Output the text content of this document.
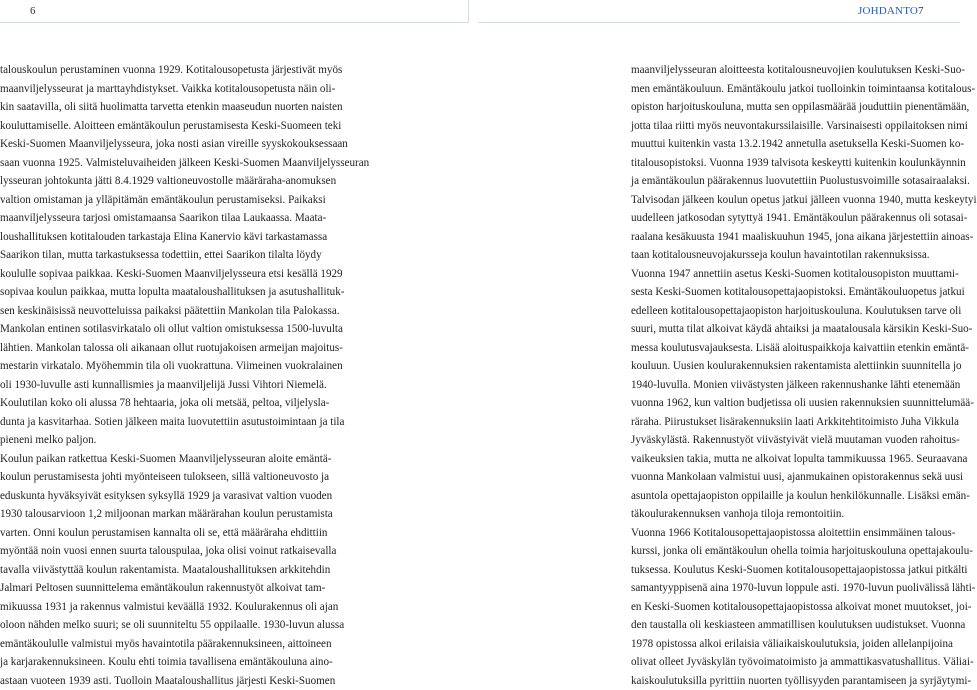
6	JOHDANTO 7
talouskoulun perustaminen vuonna 1929. Kotitalousopetusta järjestivät myös
maanviljelysseurat ja marttayhdistykset. Vaikka kotitalousopetusta näin oli-
kin saatavilla, oli siitä huolimatta tarvetta etenkin maaseudun nuorten naisten
kouluttamiselle. Aloitteen emäntäkoulun perustamisesta Keski-Suomeen teki
Keski-Suomen Maanviljelysseura, joka nosti asian vireille syyskokouksessaan
saan vuonna 1925. Valmisteluvaiheiden jälkeen Keski-Suomen Maanviljelysseuran
lysseuran johtokunta jätti 8.4.1929 valtioneuvostolle määräraha-anomuksen
valtion omistaman ja ylläpitämän emäntäkoulun perustamiseksi. Paikaksi
maanviljelysseura tarjosi omistamaansa Saarikon tilaa Laukaassa. Maata-
loushallituksen kotitalouden tarkastaja Elina Kanervio kävi tarkastamassa
Saarikon tilan, mutta tarkastuksessa todettiin, ettei Saarikon tilalta löydy
koululle sopivaa paikkaa. Keski-Suomen Maanviljelysseura etsi kesällä 1929
sopivaa koulun paikkaa, mutta lopulta maataloushallituksen ja asutushallituk-
sen keskinäisissä neuvotteluissa paikaksi päätettiin Mankolan tila Palokassa.
Mankolan entinen sotilasvirkatalo oli ollut valtion omistuksessa 1500-luvulta
lähtien. Mankolan talossa oli aikanaan ollut ruotujakoisen armeijan majoitus-
mestarin virkatalo. Myöhemmin tila oli vuokrattuna. Viimeinen vuokralainen
oli 1930-luvulle asti kunnallismies ja maanviljelijä Jussi Vihtori Niemelä.
Koulutilan koko oli alussa 78 hehtaaria, joka oli metsää, peltoa, viljelysla-
dunta ja kasvitarhaa. Sotien jälkeen maita luovutettiin asutustoimintaan ja tila
pieneni melko paljon.
Koulun paikan ratkettua Keski-Suomen Maanviljelysseuran aloite emäntä-
koulun perustamisesta johti myönteiseen tulokseen, sillä valtioneuvosto ja
eduskunta hyväksyivät esityksen syksyllä 1929 ja varasivat valtion vuoden
1930 talousarvioon 1,2 miljoonan markan määrärahan koulun perustamista
varten. Onni koulun perustamisen kannalta oli se, että määräraha ehdittiin
myöntää noin vuosi ennen suurta talouspulaa, joka olisi voinut ratkaisevalla
tavalla viivästyttää koulun rakentamista. Maataloushallituksen arkkitehdin
Jalmari Peltosen suunnittelema emäntäkoulun rakennustyöt alkoivat tam-
mikuussa 1931 ja rakennus valmistui keväällä 1932. Koulurakennus oli ajan
oloon nähden melko suuri; se oli suunniteltu 55 oppilaalle. 1930-luvun alussa
emäntäkoululle valmistui myös havaintotila päärakennuksineen, aittoineen
ja karjarakennuksineen. Koulu ehti toimia tavallisena emäntäkouluna aino-
astaan vuoteen 1939 asti. Tuolloin Maataloushallitus järjesti Keski-Suomen
maanviljelysseuran aloitteesta kotitalousneuvojien koulutuksen Keski-Suo-
men emäntäkouluun. Emäntäkoulu jatkoi tuolloinkin toimintaansa kotitalous-
opiston harjoituskouluna, mutta sen oppilasmäärää jouduttiin pienentämään,
jotta tilaa riitti myös neuvontakurssilaisille. Varsinaisesti oppilaitoksen nimi
muuttui kuitenkin vasta 13.2.1942 annetulla asetuksella Keski-Suomen ko-
titalousopistoksi. Vuonna 1939 talvisota keskeytti kuitenkin koulunkäynnin
ja emäntäkoulun päärakennus luovutettiin Puolustusvoimille sotasairaalaksi.
Talvisodan jälkeen koulun opetus jatkui jälleen vuonna 1940, mutta keskeytyi
uudelleen jatkosodan sytyttyä 1941. Emäntäkoulun päärakennus oli sotasai-
raalana kesäkuusta 1941 maaliskuuhun 1945, jona aikana järjestettiin ainoas-
taan kotitalousneuvojakursseja koulun havaintotilan rakennuksissa.
Vuonna 1947 annettiin asetus Keski-Suomen kotitalousopiston muuttami-
sesta Keski-Suomen kotitalousopettajaopistoksi. Emäntäkouluopetus jatkui
edelleen kotitalousopettajaopiston harjoituskouluna. Koulutuksen tarve oli
suuri, mutta tilat alkoivat käydä ahtaiksi ja maatalousala kärsikin Keski-Suo-
messa koulutusvajauksesta. Lisää aloituspaikkoja kaivattiin etenkin emäntä-
kouluun. Uusien koulurakennuksien rakentamista alettiinkin suunnitella jo
1940-luvulla. Monien viivästysten jälkeen rakennushanke lähti etenemään
vuonna 1962, kun valtion budjetissa oli uusien rakennuksien suunnittelumää-
räraha. Piirustukset lisärakennuksiin laati Arkkitehtitoimisto Juha Vikkula
Jyväskylästä. Rakennustyöt viivästyivät vielä muutaman vuoden rahoitus-
vaikeuksien takia, mutta ne alkoivat lopulta tammikuussa 1965. Seuraavana
vuonna Mankolaan valmistui uusi, ajanmukainen opistorakennus sekä uusi
asuntola opettajaopiston oppilaille ja koulun henkilökunnalle. Lisäksi emän-
täkoulurakennuksen vanhoja tiloja remontoitiin.
Vuonna 1966 Kotitalousopettajaopistossa aloitettiin ensimmäinen talous-
kurssi, jonka oli emäntäkoulun ohella toimia harjoituskouluna opettajakoulu-
tuksessa. Koulutus Keski-Suomen kotitalousopettajaopistossa jatkui pitkälti
samantyyppisenä aina 1970-luvun loppule asti. 1970-luvun puolivälissä lähti-
en Keski-Suomen kotitalousopettajaopistossa alkoivat monet muutokset, joi-
den taustalla oli keskiasteen ammatillisen koulutuksen uudistukset. Vuonna
1978 opistossa alkoi erilaisia väliaikaiskoulutuksia, joiden allelanpijoina
olivat olleet Jyväskylän työvoimatoimisto ja ammattikasvatushallitus. Väliai-
kaiskoulutuksilla pyrittiin nuorten työllisyyden parantamiseen ja syrjäytymi-
